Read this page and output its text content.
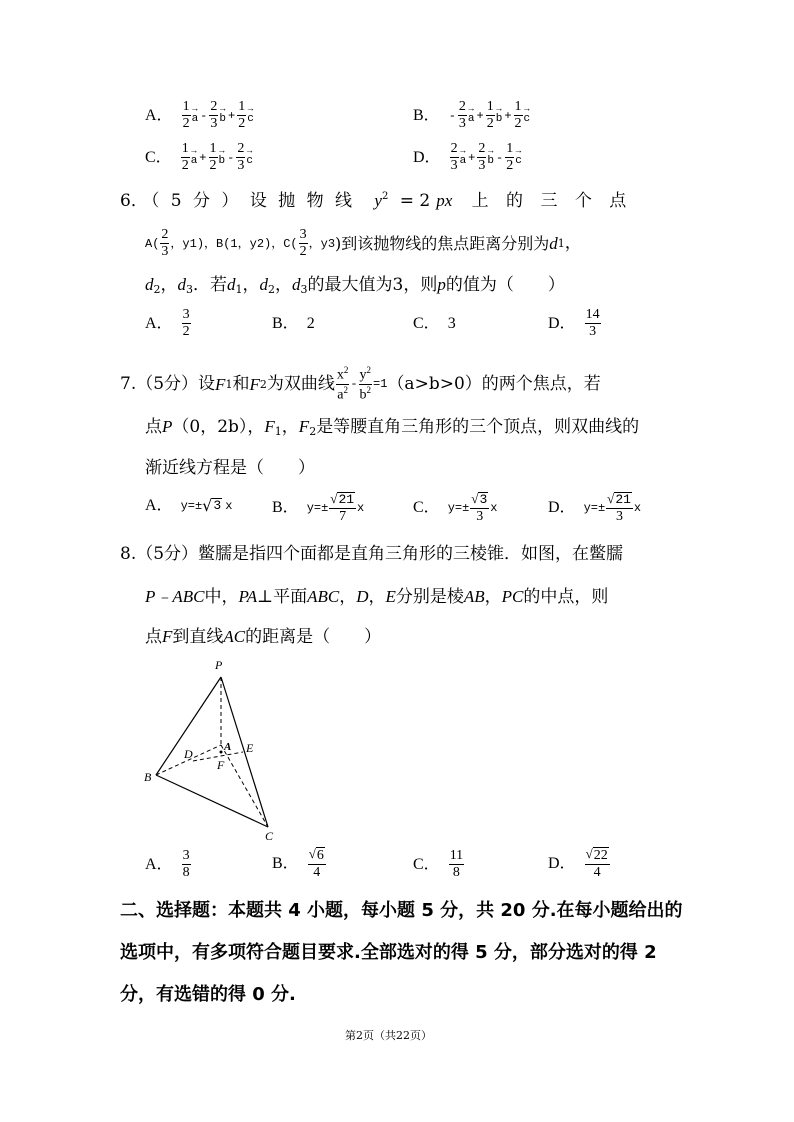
A． $\frac{1}{2}$ →
a - $\frac{2}{3}$ →
$b + \frac{1}{2}$ →
c	B． - $\frac{2}{3}$ →
$a + \frac{1}{2}$ →
$b + \frac{1}{2}$ →
c
C． $\frac{1}{2}$ →
$a + \frac{1}{2}$ →
b - $\frac{2}{3}$ →
c	D． $\frac{2}{3}$ →
$a + \frac{2}{3}$ →
b - $\frac{1}{2}$ →
c
6．（ 5 分 ） 设 抛 物 线 $y^2 = 2$ px 上 的 三 个 点
$A( \frac{2}{3}$ ，y 1 )，B(1，y 2 )，$C( \frac{3}{2}$ ，y 3 )到该抛物线的焦点距离分别为 d 1 ，
$d_2$，$d_3$．若$d_1$，$d_2$，$d_3$的最大值为3，则p的值为（　　）
A． $\frac{3}{2}$	B． 2	C． 3	D． $\frac{14}{3}$
7.（5分）设 F 1 和 F 2 为双曲线 $\frac{x^2}{a^2} - \frac{y^2}{b^2} =1$ （a>b>0）的两个焦点，若
点P（0，2b），$F_1$，$F_2$是等腰直角三角形的三个顶点，则双曲线的
渐近线方程是（　　）
A． y=± √ 3 x B． $y=\pm \frac{√ 21}{7}$ x	C． $y=\pm \frac{√ 3}{3}$ x	D． $y=\pm \frac{√ 21}{3}$ x
8.（5分）鳖臑是指四个面都是直角三角形的三棱锥．如图，在鳖臑
P﹣ABC中，PA⊥平面ABC，D，E分别是棱AB，PC的中点，则
点F到直线AC的距离是（　　）
P
A
B
C
D	E
F
A． $\frac{3}{8}$	B． $\frac{√ 6}{4}$	C． $\frac{11}{8}$	D． $\frac{√ 22}{4}$
二、选择题：本题共 4 小题，每小题 5 分，共 20 分.在每小题给出的
选项中，有多项符合题目要求.全部选对的得 5 分，部分选对的得 2
分，有选错的得 0 分.
第2页（共22页）
